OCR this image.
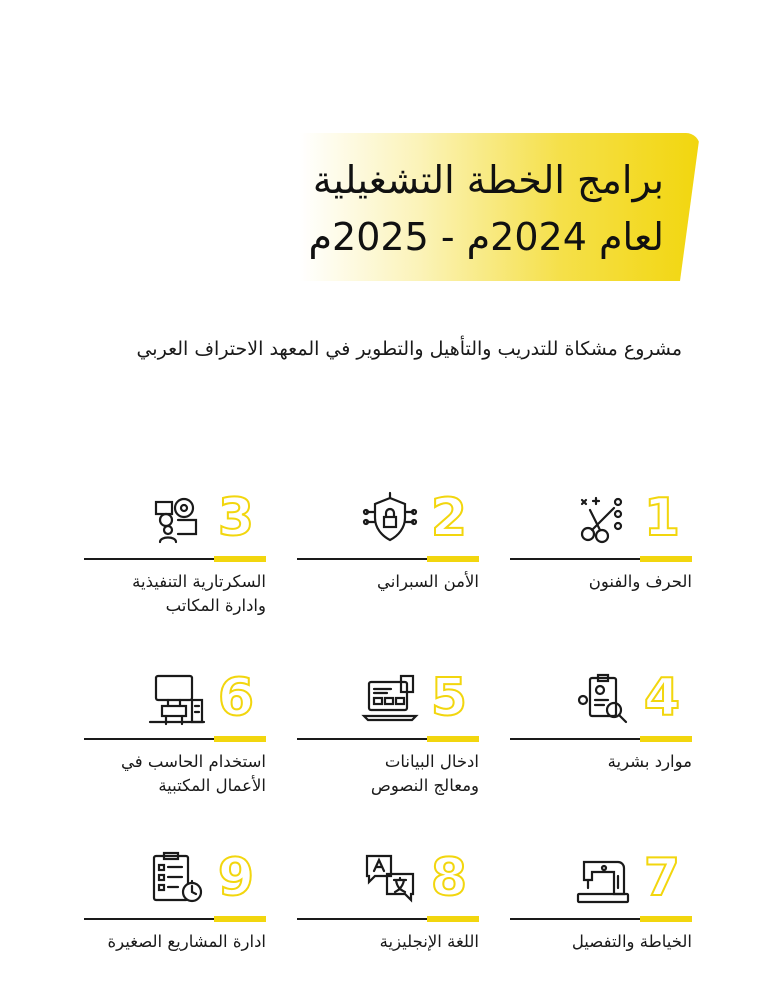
برامج الخطة التشغيلية
لعام 2024م - 2025م
مشروع مشكاة للتدريب والتأهيل والتطوير في المعهد الاحتراف العربي
1
الحرف والفنون
2
الأمن السبراني
3
السكرتارية التنفيذية
وادارة المكاتب
4
موارد بشرية
5
ادخال البيانات
ومعالج النصوص
6
استخدام الحاسب في
الأعمال المكتبية
7
الخياطة والتفصيل
8
اللغة الإنجليزية
9
ادارة المشاريع الصغيرة
